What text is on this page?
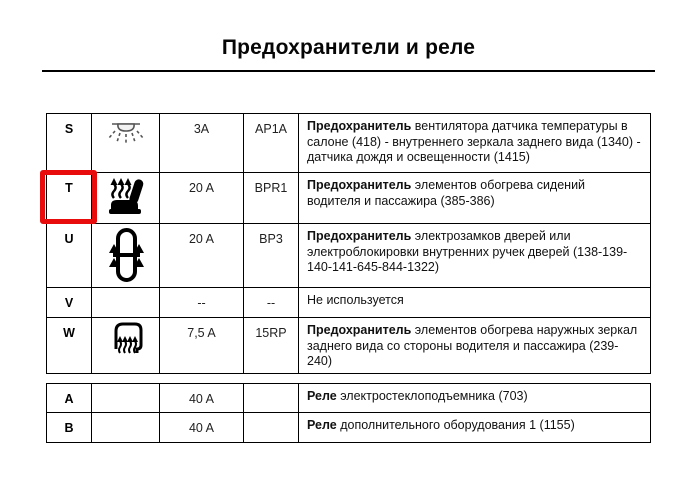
Предохранители и реле
S		3A	AP1A	Предохранитель вентилятора датчика температуры в салоне (418) - внутреннего зеркала заднего вида (1340) - датчика дождя и освещенности (1415)
T		20 A	BPR1	Предохранитель элементов обогрева сидений водителя и пассажира (385-386)
U		20 A	BP3	Предохранитель электрозамков дверей или электроблокировки внутренних ручек дверей (138-139-140-141-645-844-1322)
V		--	--	Не используется
W		7,5 A	15RP	Предохранитель элементов обогрева наружных зеркал заднего вида со стороны водителя и пассажира (239-240)
A		40 A		Реле электростеклоподъемника (703)
B		40 A		Реле дополнительного оборудования 1 (1155)
